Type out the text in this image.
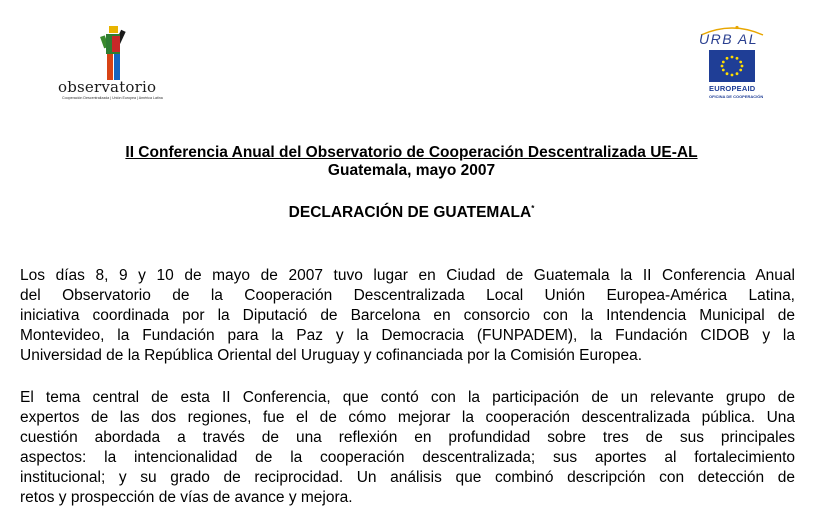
observatorio
Cooperación Descentralizada | Unión Europea | América Latina
URB AL
EUROPEAID
OFICINA DE COOPERACIÓN
II Conferencia Anual del Observatorio de Cooperación Descentralizada UE-AL
Guatemala, mayo 2007
DECLARACIÓN DE GUATEMALA*
Los días 8, 9 y 10 de mayo de 2007 tuvo lugar en Ciudad de Guatemala la II Conferencia Anual
del Observatorio de la Cooperación Descentralizada Local Unión Europea-América Latina,
iniciativa coordinada por la Diputació de Barcelona en consorcio con la Intendencia Municipal de
Montevideo, la Fundación para la Paz y la Democracia (FUNPADEM), la Fundación CIDOB y la
Universidad de la República Oriental del Uruguay y cofinanciada por la Comisión Europea.
El tema central de esta II Conferencia, que contó con la participación de un relevante grupo de
expertos de las dos regiones, fue el de cómo mejorar la cooperación descentralizada pública. Una
cuestión abordada a través de una reflexión en profundidad sobre tres de sus principales
aspectos: la intencionalidad de la cooperación descentralizada; sus aportes al fortalecimiento
institucional; y su grado de reciprocidad. Un análisis que combinó descripción con detección de
retos y prospección de vías de avance y mejora.
